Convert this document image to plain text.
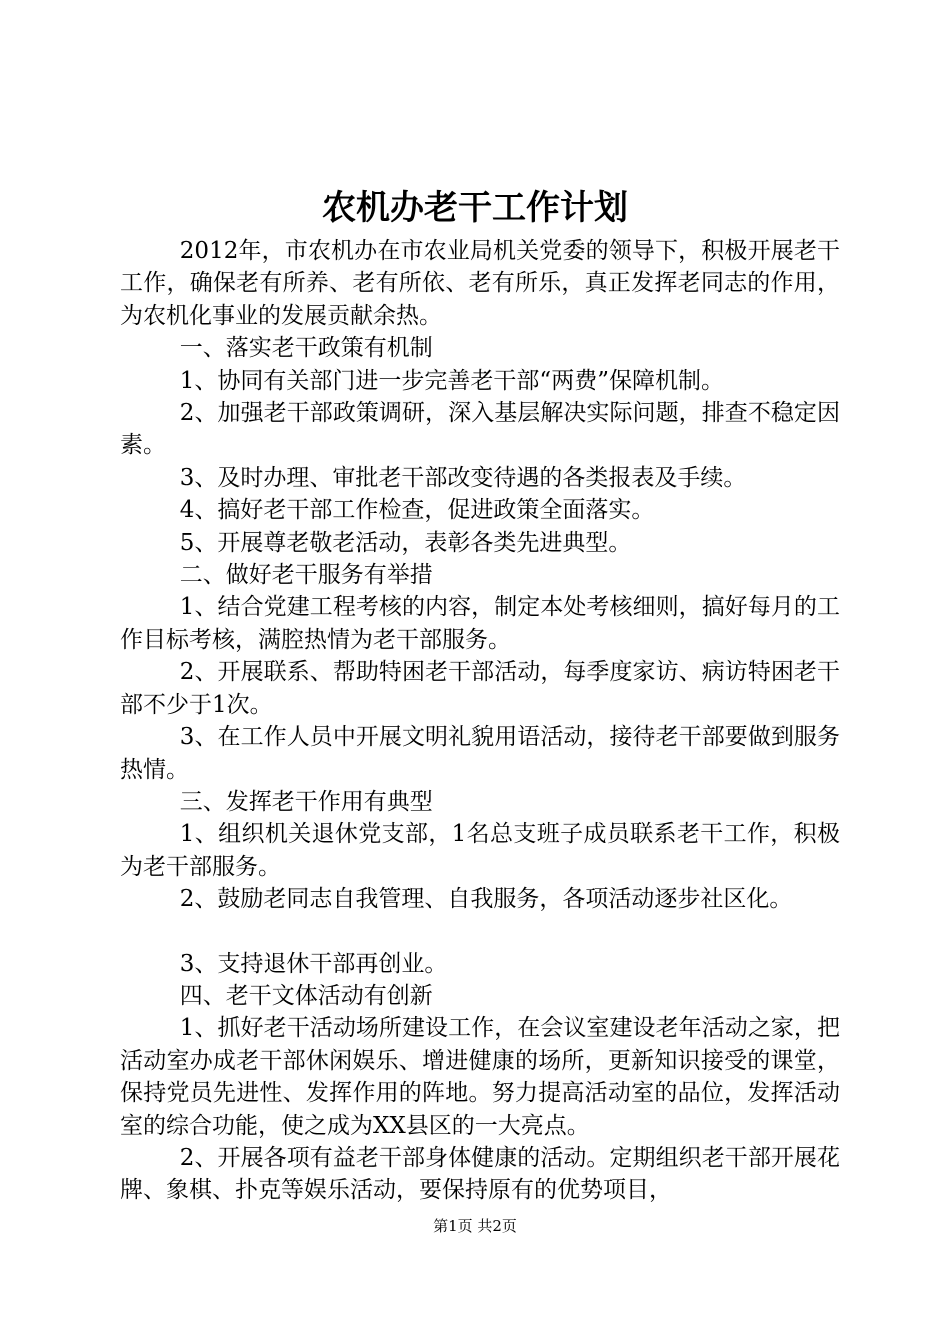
农机办老干工作计划

2012年，市农机办在市农业局机关党委的领导下，积极开展老干工作，确保老有所养、老有所依、老有所乐，真正发挥老同志的作用，为农机化事业的发展贡献余热。

一、落实老干政策有机制

1、协同有关部门进一步完善老干部“两费”保障机制。

2、加强老干部政策调研，深入基层解决实际问题，排查不稳定因素。

3、及时办理、审批老干部改变待遇的各类报表及手续。

4、搞好老干部工作检查，促进政策全面落实。

5、开展尊老敬老活动，表彰各类先进典型。

二、做好老干服务有举措

1、结合党建工程考核的内容，制定本处考核细则，搞好每月的工作目标考核，满腔热情为老干部服务。

2、开展联系、帮助特困老干部活动，每季度家访、病访特困老干部不少于1次。

3、在工作人员中开展文明礼貌用语活动，接待老干部要做到服务热情。

三、发挥老干作用有典型

1、组织机关退休党支部，1名总支班子成员联系老干工作，积极为老干部服务。

2、鼓励老同志自我管理、自我服务，各项活动逐步社区化。

3、支持退休干部再创业。

四、老干文体活动有创新

1、抓好老干活动场所建设工作，在会议室建设老年活动之家，把活动室办成老干部休闲娱乐、增进健康的场所，更新知识接受的课堂，保持党员先进性、发挥作用的阵地。努力提高活动室的品位，发挥活动室的综合功能，使之成为XX县区的一大亮点。

2、开展各项有益老干部身体健康的活动。定期组织老干部开展花牌、象棋、扑克等娱乐活动，要保持原有的优势项目，

第1页 共2页
